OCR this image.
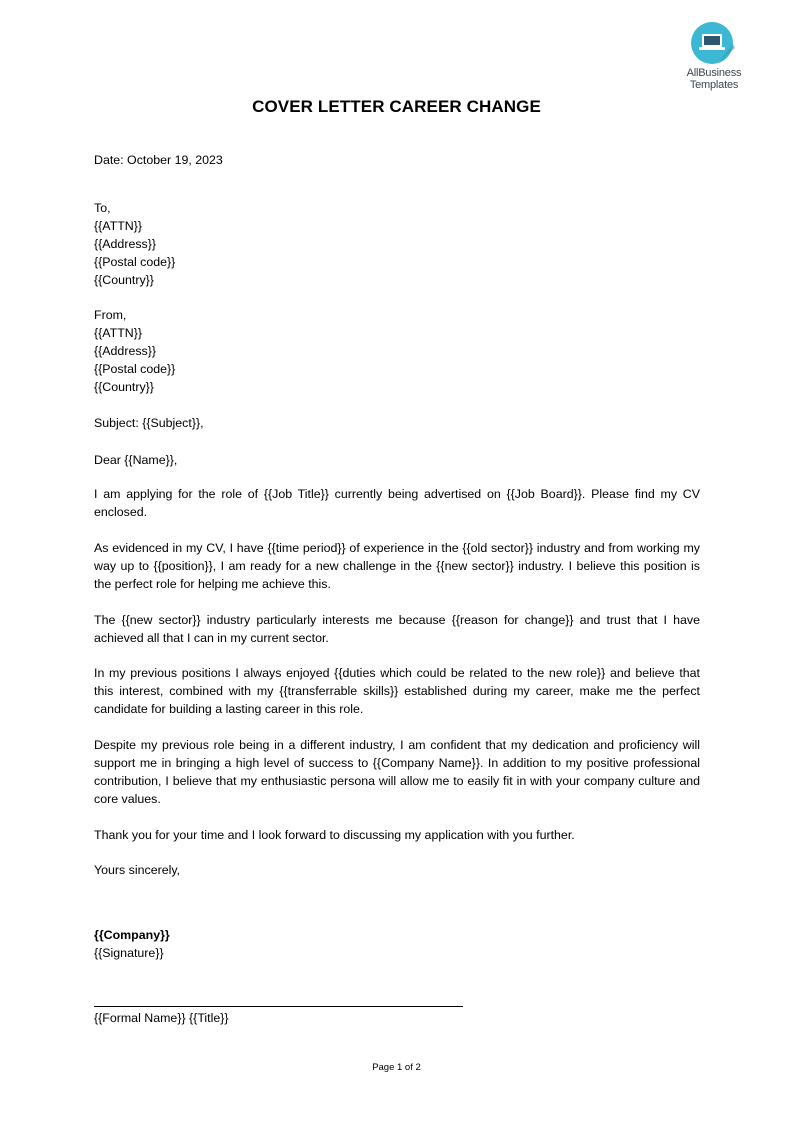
AllBusiness
Templates
COVER LETTER CAREER CHANGE
Date: October 19, 2023
To,
{{ATTN}}
{{Address}}
{{Postal code}}
{{Country}}
From,
{{ATTN}}
{{Address}}
{{Postal code}}
{{Country}}
Subject: {{Subject}},
Dear {{Name}},
I am applying for the role of {{Job Title}} currently being advertised on {{Job Board}}. Please find my CV enclosed.
As evidenced in my CV, I have {{time period}} of experience in the {{old sector}} industry and from working my way up to {{position}}, I am ready for a new challenge in the {{new sector}} industry. I believe this position is the perfect role for helping me achieve this.
The {{new sector}} industry particularly interests me because {{reason for change}} and trust that I have achieved all that I can in my current sector.
In my previous positions I always enjoyed {{duties which could be related to the new role}} and believe that this interest, combined with my {{transferrable skills}} established during my career, make me the perfect candidate for building a lasting career in this role.
Despite my previous role being in a different industry, I am confident that my dedication and proficiency will support me in bringing a high level of success to {{Company Name}}. In addition to my positive professional contribution, I believe that my enthusiastic persona will allow me to easily fit in with your company culture and core values.
Thank you for your time and I look forward to discussing my application with you further.
Yours sincerely,
{{Company}}
{{Signature}}
{{Formal Name}} {{Title}}
Page 1 of 2
